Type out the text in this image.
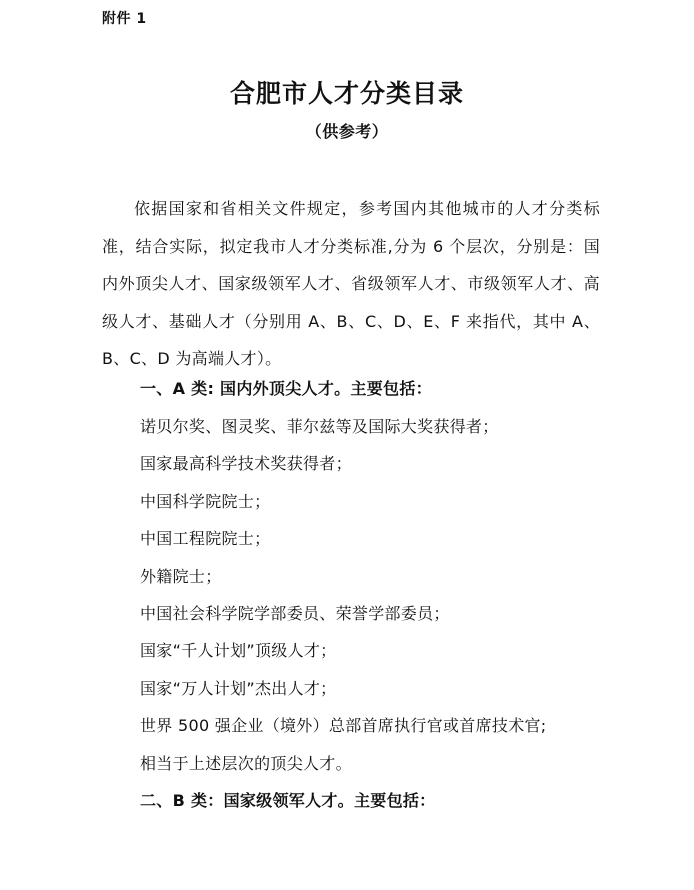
附件 1
合肥市人才分类目录
（供参考）

依据国家和省相关文件规定，参考国内其他城市的人才分类标准，结合实际，拟定我市人才分类标准,分为 6 个层次，分别是：国内外顶尖人才、国家级领军人才、省级领军人才、市级领军人才、高级人才、基础人才（分别用 A、B、C、D、E、F 来指代，其中 A、B、C、D 为高端人才）。

一、A 类: 国内外顶尖人才。主要包括：
诺贝尔奖、图灵奖、菲尔兹等及国际大奖获得者；
国家最高科学技术奖获得者；
中国科学院院士；
中国工程院院士；
外籍院士；
中国社会科学院学部委员、荣誉学部委员；
国家“千人计划”顶级人才；
国家“万人计划”杰出人才；
世界 500 强企业（境外）总部首席执行官或首席技术官;
相当于上述层次的顶尖人才。
二、B 类：国家级领军人才。主要包括：
